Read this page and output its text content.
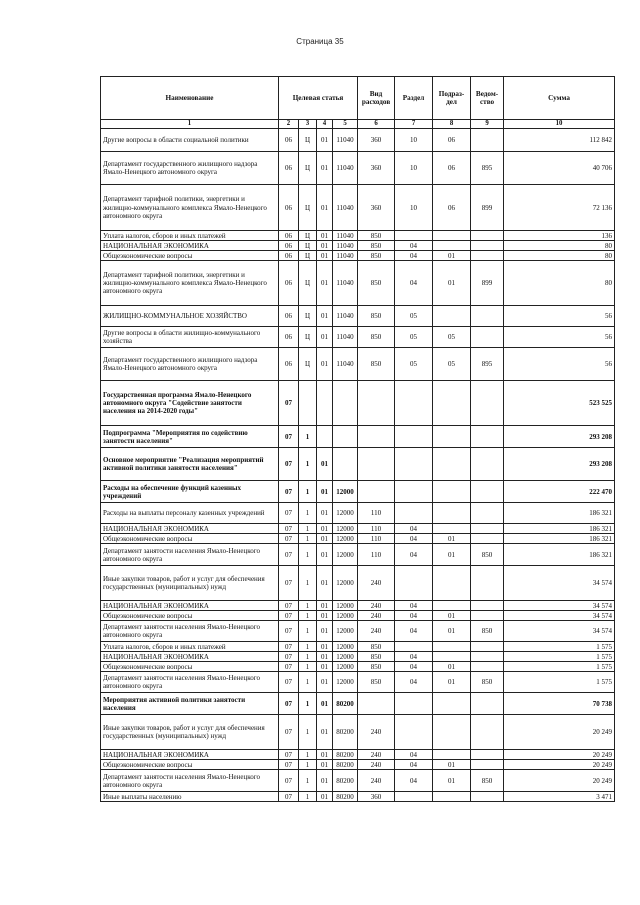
Страница 35
Наименование	Целевая статья				Вид расходов	Раздел	Подраз-дел	Ведом-ство	Сумма
1	2	3	4	5	6	7	8	9	10
Другие вопросы в области социальной политики	06	Ц	01	11040	360	10	06		112 842
Департамент государственного жилищного надзора Ямало-Ненецкого автономного округа	06	Ц	01	11040	360	10	06	895	40 706
Департамент тарифной политики, энергетики и жилищно-коммунального комплекса Ямало-Ненецкого автономного округа	06	Ц	01	11040	360	10	06	899	72 136
Уплата налогов, сборов и иных платежей	06	Ц	01	11040	850				136
НАЦИОНАЛЬНАЯ ЭКОНОМИКА	06	Ц	01	11040	850	04			80
Общеэкономические вопросы	06	Ц	01	11040	850	04	01		80
Департамент тарифной политики, энергетики и жилищно-коммунального комплекса Ямало-Ненецкого автономного округа	06	Ц	01	11040	850	04	01	899	80
ЖИЛИЩНО-КОММУНАЛЬНОЕ ХОЗЯЙСТВО	06	Ц	01	11040	850	05			56
Другие вопросы в области жилищно-коммунального хозяйства	06	Ц	01	11040	850	05	05		56
Департамент государственного жилищного надзора Ямало-Ненецкого автономного округа	06	Ц	01	11040	850	05	05	895	56
Государственная программа Ямало-Ненецкого автономного округа "Содействие занятости населения на 2014-2020 годы"	07								523 525
Подпрограмма "Мероприятия по содействию занятости населения"	07	1							293 208
Основное мероприятие "Реализация мероприятий активной политики занятости населения"	07	1	01						293 208
Расходы на обеспечение функций казенных учреждений	07	1	01	12000					222 470
Расходы на выплаты персоналу казенных учреждений	07	1	01	12000	110				186 321
НАЦИОНАЛЬНАЯ ЭКОНОМИКА	07	1	01	12000	110	04			186 321
Общеэкономические вопросы	07	1	01	12000	110	04	01		186 321
Департамент занятости населения Ямало-Ненецкого автономного округа	07	1	01	12000	110	04	01	850	186 321
Иные закупки товаров, работ и услуг для обеспечения государственных (муниципальных) нужд	07	1	01	12000	240				34 574
НАЦИОНАЛЬНАЯ ЭКОНОМИКА	07	1	01	12000	240	04			34 574
Общеэкономические вопросы	07	1	01	12000	240	04	01		34 574
Департамент занятости населения Ямало-Ненецкого автономного округа	07	1	01	12000	240	04	01	850	34 574
Уплата налогов, сборов и иных платежей	07	1	01	12000	850				1 575
НАЦИОНАЛЬНАЯ ЭКОНОМИКА	07	1	01	12000	850	04			1 575
Общеэкономические вопросы	07	1	01	12000	850	04	01		1 575
Департамент занятости населения Ямало-Ненецкого автономного округа	07	1	01	12000	850	04	01	850	1 575
Мероприятия активной политики занятости населения	07	1	01	80200					70 738
Иные закупки товаров, работ и услуг для обеспечения государственных (муниципальных) нужд	07	1	01	80200	240				20 249
НАЦИОНАЛЬНАЯ ЭКОНОМИКА	07	1	01	80200	240	04			20 249
Общеэкономические вопросы	07	1	01	80200	240	04	01		20 249
Департамент занятости населения Ямало-Ненецкого автономного округа	07	1	01	80200	240	04	01	850	20 249
Иные выплаты населению	07	1	01	80200	360				3 471
